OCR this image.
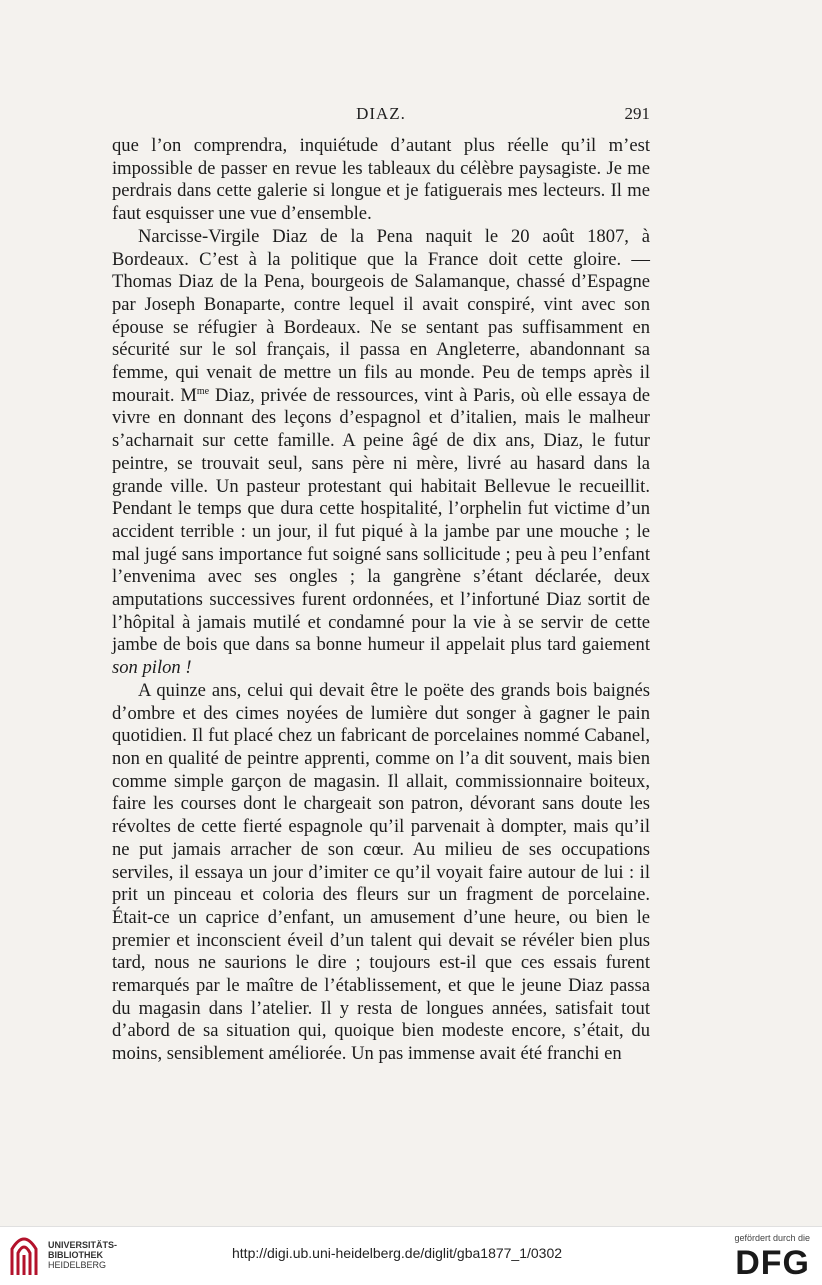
DIAZ.	291

que l’on comprendra, inquiétude d’autant plus réelle qu’il m’est impossible de passer en revue les tableaux du célèbre paysagiste. Je me perdrais dans cette galerie si longue et je fatiguerais mes lecteurs. Il me faut esquisser une vue d’ensemble.

Narcisse-Virgile Diaz de la Pena naquit le 20 août 1807, à Bordeaux. C’est à la politique que la France doit cette gloire. — Thomas Diaz de la Pena, bourgeois de Salamanque, chassé d’Espagne par Joseph Bonaparte, contre lequel il avait conspiré, vint avec son épouse se réfugier à Bordeaux. Ne se sentant pas suffisamment en sécurité sur le sol français, il passa en Angleterre, abandonnant sa femme, qui venait de mettre un fils au monde. Peu de temps après il mourait. $M^{me}$ Diaz, privée de ressources, vint à Paris, où elle essaya de vivre en donnant des leçons d’espagnol et d’italien, mais le malheur s’acharnait sur cette famille. A peine âgé de dix ans, Diaz, le futur peintre, se trouvait seul, sans père ni mère, livré au hasard dans la grande ville. Un pasteur protestant qui habitait Bellevue le recueillit. Pendant le temps que dura cette hospitalité, l’orphelin fut victime d’un accident terrible : un jour, il fut piqué à la jambe par une mouche ; le mal jugé sans importance fut soigné sans sollicitude ; peu à peu l’enfant l’envenima avec ses ongles ; la gangrène s’étant déclarée, deux amputations successives furent ordonnées, et l’infortuné Diaz sortit de l’hôpital à jamais mutilé et condamné pour la vie à se servir de cette jambe de bois que dans sa bonne humeur il appelait plus tard gaiement son pilon !

A quinze ans, celui qui devait être le poëte des grands bois baignés d’ombre et des cimes noyées de lumière dut songer à gagner le pain quotidien. Il fut placé chez un fabricant de porcelaines nommé Cabanel, non en qualité de peintre apprenti, comme on l’a dit souvent, mais bien comme simple garçon de magasin. Il allait, commissionnaire boiteux, faire les courses dont le chargeait son patron, dévorant sans doute les révoltes de cette fierté espagnole qu’il parvenait à dompter, mais qu’il ne put jamais arracher de son cœur. Au milieu de ses occupations serviles, il essaya un jour d’imiter ce qu’il voyait faire autour de lui : il prit un pinceau et coloria des fleurs sur un fragment de porcelaine. Était-ce un caprice d’enfant, un amusement d’une heure, ou bien le premier et inconscient éveil d’un talent qui devait se révéler bien plus tard, nous ne saurions le dire ; toujours est-il que ces essais furent remarqués par le maître de l’établissement, et que le jeune Diaz passa du magasin dans l’atelier. Il y resta de longues années, satisfait tout d’abord de sa situation qui, quoique bien modeste encore, s’était, du moins, sensiblement améliorée. Un pas immense avait été franchi en

UNIVERSITÄTS-
BIBLIOTHEK
HEIDELBERG
http://digi.ub.uni-heidelberg.de/diglit/gba1877_1/0302
gefördert durch die
DFG
